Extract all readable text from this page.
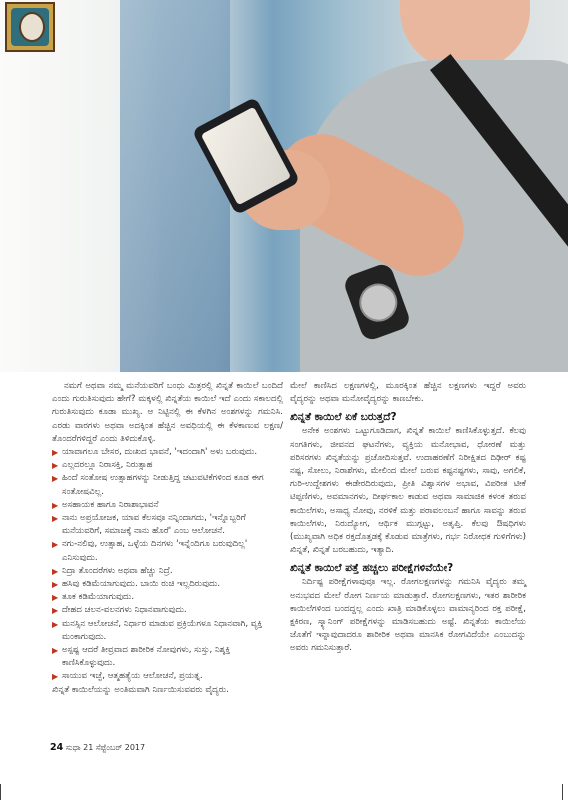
ನಮಗೆ ಅಥವಾ ನಮ್ಮ ಮನೆಯವರಿಗೆ ಬಂಧು ಮಿತ್ರರಲ್ಲಿ ಖಿನ್ನತೆ ಕಾಯಿಲೆ ಬಂದಿದೆ ಎಂದು ಗುರುತಿಸುವುದು ಹೇಗೆ? ಮಕ್ಕಳಲ್ಲಿ ಖಿನ್ನತೆಯ ಕಾಯಿಲೆ ಇದೆ ಎಂದು ಸಕಾಲದಲ್ಲಿ ಗುರುತಿಸುವುದು ಕೂಡಾ ಮುಖ್ಯ. ಆ ನಿಟ್ಟಿನಲ್ಲಿ ಈ ಕೆಳಗಿನ ಅಂಶಗಳನ್ನು ಗಮನಿಸಿ. ಎರಡು ವಾರಗಳು ಅಥವಾ ಅದಕ್ಕಿಂತ ಹೆಚ್ಚಿನ ಅವಧಿಯಲ್ಲಿ ಈ ಕೆಳಕಾಣುವ ಲಕ್ಷಣ/ ತೊಂದರೆಗಳಿದ್ದರೆ ಎಂದು ತಿಳಿದುಕೊಳ್ಳಿ.

▶ ಯಾವಾಗಲೂ ಬೇಸರ, ದುಃಖದ ಭಾವನೆ, 'ಇದಂದಾಗಿ' ಅಳು ಬರುವುದು.
▶ ಎಲ್ಲದರಲ್ಲೂ ನಿರಾಸಕ್ತಿ, ನಿರುತ್ಸಾಹ
▶ ಹಿಂದೆ ಸಂತೋಷ ಉತ್ಸಾಹಗಳನ್ನು ನೀಡುತ್ತಿದ್ದ ಚಟುವಟಿಕೆಗಳಿಂದ ಕೂಡ ಈಗ ಸಂತೋಷವಿಲ್ಲ.
▶ ಅಸಹಾಯಕ ಹಾಗೂ ನಿರಾಶಾಭಾವನೆ
▶ ನಾನು ಅಪ್ರಯೋಜಕ, ಯಾವ ಕೆಲಸವೂ ನನ್ನಿಂದಾಗದು, 'ಇನ್ನೊಬ್ಬರಿಗೆ ಮನೆಯವರಿಗೆ, ಸಮಾಜಕ್ಕೆ ನಾನು ಹೊರೆ' ಎಂಬ ಆಲೋಚನೆ.
▶ ನಗು-ನಲಿವು, ಉತ್ಸಾಹ, ಒಳ್ಳೆಯ ದಿನಗಳು 'ಇನ್ನೆಂದಿಗೂ ಬರುವುದಿಲ್ಲ' ಎನಿಸುವುದು.
▶ ನಿದ್ರಾ ತೊಂದರೆಗಳು ಅಥವಾ ಹೆಚ್ಚು ನಿದ್ರೆ.
▶ ಹಸಿವು ಕಡಿಮೆಯಾಗುವುದು. ಬಾಯಿ ರುಚಿ ಇಲ್ಲದಿರುವುದು.
▶ ತೂಕ ಕಡಿಮೆಯಾಗುವುದು.
▶ ದೇಹದ ಚಲನ-ವಲನಗಳು ನಿಧಾನವಾಗುವುದು.
▶ ಮನಸ್ಸಿನ ಆಲೋಚನೆ, ನಿರ್ಧಾರ ಮಾಡುವ ಪ್ರಕ್ರಿಯೆಗಳೂ ನಿಧಾನವಾಗಿ, ವ್ಯಕ್ತಿ ಮಂಕಾಗುವುದು.
▶ ಅಸ್ಪಷ್ಟ ಆದರೆ ತೀವ್ರವಾದ ಶಾರೀರಿಕ ನೋವುಗಳು, ಸುಸ್ತು, ನಿಶ್ಶಕ್ತಿ ಕಾಣಿಸಿಕೊಳ್ಳುವುದು.
▶ ಸಾಯುವ ಇಚ್ಛೆ, ಆತ್ಮಹತ್ಯೆಯ ಆಲೋಚನೆ, ಪ್ರಯತ್ನ.

ಖಿನ್ನತೆ ಕಾಯಿಲೆಯನ್ನು ಅಂತಿಮವಾಗಿ ನಿರ್ಣಯಿಸುವವರು ವೈದ್ಯರು.

ಮೇಲೆ ಕಾಣಿಸಿದ ಲಕ್ಷಣಗಳಲ್ಲಿ, ಮೂರಕ್ಕಿಂತ ಹೆಚ್ಚಿನ ಲಕ್ಷಣಗಳು ಇದ್ದರೆ ಅವರು ವೈದ್ಯರನ್ನು ಅಥವಾ ಮನೋವೈದ್ಯರನ್ನು ಕಾಣಬೇಕು.

ಖಿನ್ನತೆ ಕಾಯಿಲೆ ಏಕೆ ಬರುತ್ತದೆ?

ಅನೇಕ ಅಂಶಗಳು ಒಟ್ಟುಗೂಡಿದಾಗ, ಖಿನ್ನತೆ ಕಾಯಿಲೆ ಕಾಣಿಸಿಕೊಳ್ಳುತ್ತದೆ. ಕೆಲವು ಸಂಗತಿಗಳು, ಜೀವನದ ಘಟನೆಗಳು, ವ್ಯಕ್ತಿಯ ಮನೋಭಾವ, ಧೋರಣೆ ಮತ್ತು ಪರಿಸರಗಳು ಖಿನ್ನತೆಯನ್ನು ಪ್ರಚೋದಿಸುತ್ತವೆ. ಉದಾಹರಣೆಗೆ ನಿರೀಕ್ಷಿತದ ದಿಢೀರ್ ಕಷ್ಟ ನಷ್ಟ, ಸೋಲು, ನಿರಾಶೆಗಳು, ಮೇಲಿಂದ ಮೇಲೆ ಬರುವ ಕಷ್ಟನಷ್ಟಗಳು, ಸಾವು, ಅಗಲಿಕೆ, ಗುರಿ-ಉದ್ದೇಶಗಳು ಈಡೇರದಿರುವುದು, ಪ್ರೀತಿ ವಿಶ್ವಾಸಗಳ ಅಭಾವ, ವಿಪರೀತ ಟೀಕೆ ಟಿಪ್ಪಣಿಗಳು, ಅವಮಾನಗಳು, ದೀರ್ಘಕಾಲ ಕಾಡುವ ಅಥವಾ ಸಾಮಾಜಿಕ ಕಳಂಕ ತರುವ ಕಾಯಿಲೆಗಳು, ಅಸಾಧ್ಯ ನೋವು, ನರಳಿಕೆ ಮತ್ತು ಪರಾವಲಂಬನೆ ಹಾಗೂ ಸಾವನ್ನು ತರುವ ಕಾಯಿಲೆಗಳು, ನಿರುದ್ಯೋಗ, ಆರ್ಥಿಕ ಮುಗ್ಗಟ್ಟು, ಅತೃಪ್ತಿ. ಕೆಲವು ಔಷಧಿಗಳು (ಮುಖ್ಯವಾಗಿ ಅಧಿಕ ರಕ್ತದೊತ್ತಡಕ್ಕೆ ಕೊಡುವ ಮಾತ್ರೆಗಳು, ಗರ್ಭ ನಿರೋಧಕ ಗುಳಿಗೆಗಳು) ಖಿನ್ನತೆ, ಖಿನ್ನತೆ ಬರಬಹುದು, ಇತ್ಯಾದಿ.

ಖಿನ್ನತೆ ಕಾಯಿಲೆ ಪತ್ತೆ ಹಚ್ಚಲು ಪರೀಕ್ಷೆಗಳಿವೆಯೇ?

ನಿರ್ದಿಷ್ಟ ಪರೀಕ್ಷೆಗಳಾವುವೂ ಇಲ್ಲ. ರೋಗಲಕ್ಷಣಗಳನ್ನು ಗಮನಿಸಿ ವೈದ್ಯರು ತಮ್ಮ ಅನುಭವದ ಮೇಲೆ ರೋಗ ನಿರ್ಣಯ ಮಾಡುತ್ತಾರೆ. ರೋಗಲಕ್ಷಣಗಳು, ಇತರ ಶಾರೀರಿಕ ಕಾಯಿಲೆಗಳಿಂದ ಬಂದದ್ದಲ್ಲ ಎಂದು ಖಾತ್ರಿ ಮಾಡಿಕೊಳ್ಳಲು ವಾಮಾನ್ಯರಿಂದ ರಕ್ತ ಪರೀಕ್ಷೆ, ಕ್ಷಕಿರಣ, ಸ್ಕ್ಯಾನಿಂಗ್ ಪರೀಕ್ಷೆಗಳನ್ನು ಮಾಡಿಸಬಹುದು ಅಷ್ಟೆ. ಖಿನ್ನತೆಯ ಕಾಯಿಲೆಯ ಜೊತೆಗೆ ಇನ್ನಾವುದಾದರೂ ಶಾರೀರಿಕ ಅಥವಾ ಮಾನಸಿಕ ರೋಗವಿದೆಯೇ ಎಂಬುದನ್ನು ಅವರು ಗಮನಿಸುತ್ತಾರೆ.

24 ಸುಧಾ 21 ಸೆಪ್ಟೆಂಬರ್ 2017
